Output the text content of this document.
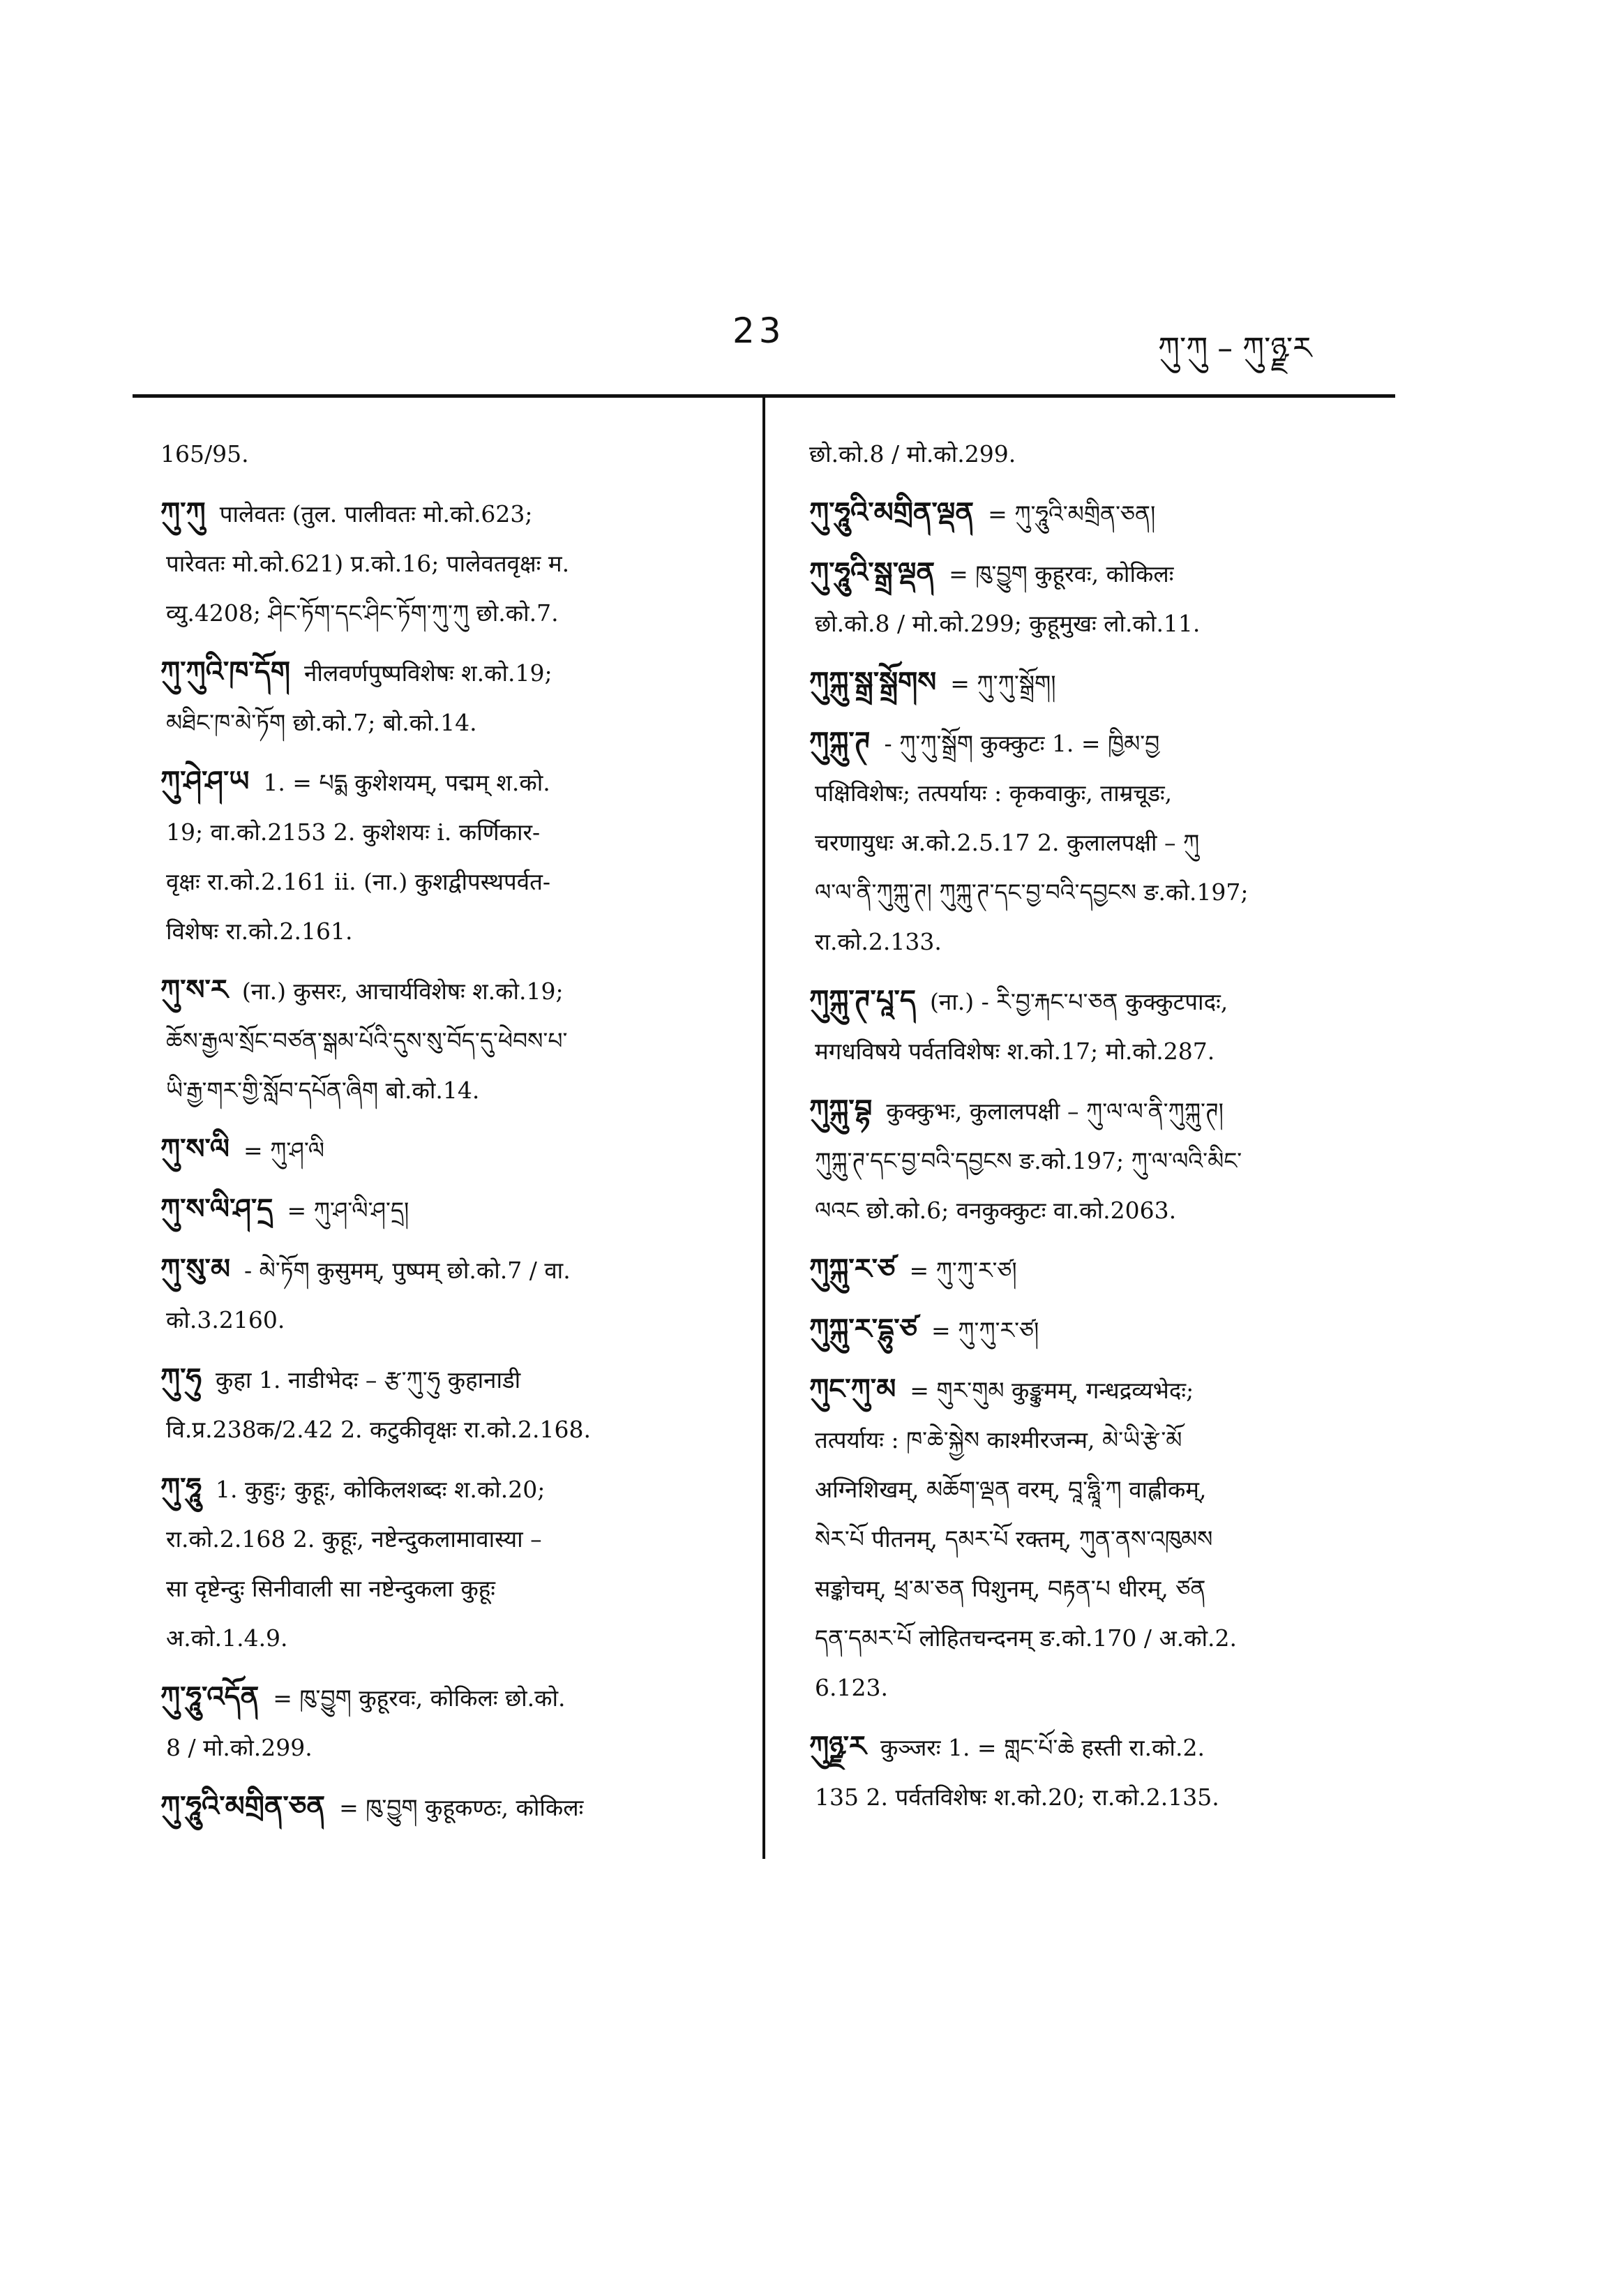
23	ཀུ་ཀུ – ཀུ་ཉྫ་ར

165/95.

ཀུ་ཀུ पालेवतः (तुल. पालीवतः मो.को.623;

पारेवतः मो.को.621) प्र.को.16; पालेवतवृक्षः म.

व्यु.4208; ཤིང་ཏོག་དང་ཤིང་ཏོག་ཀུ་ཀུ छो.को.7.

ཀུ་ཀུའི་ཁ་དོག नीलवर्णपुष्पविशेषः श.को.19;

མཐིང་ཁ་མེ་ཏོག छो.को.7; बो.को.14.

ཀུ་ཤེ་ཤ་ཡ 1. = པདྨ कुशेशयम्, पद्मम् श.को.

19; वा.को.2153 2. कुशेशयः i. कर्णिकार-

वृक्षः रा.को.2.161 ii. (ना.) कुशद्वीपस्थपर्वत-

विशेषः रा.को.2.161.

ཀུ་ས་ར (ना.) कुसरः, आचार्यविशेषः श.को.19;

ཆོས་རྒྱལ་སྲོང་བཙན་སྒམ་པོའི་དུས་སུ་བོད་དུ་ཕེབས་པ་

ཡི་རྒྱ་གར་གྱི་སློབ་དཔོན་ཞིག बो.को.14.

ཀུ་ས་ལི = ཀུ་ཤ་ལི

ཀུ་ས་ལི་ཤ་དྲ = ཀུ་ཤ་ལི་ཤ་དྲ།

ཀུ་སུ་མ - མེ་ཏོག कुसुमम्, पुष्पम् छो.को.7 / वा.

को.3.2160.

ཀུ་ཧུ कुहा 1. नाडीभेदः – རྩ་ཀུ་ཧུ कुहानाडी

वि.प्र.238क/2.42 2. कटुकीवृक्षः रा.को.2.168.

ཀུ་ཧཱུ 1. कुहुः; कुहूः, कोकिलशब्दः श.को.20;

रा.को.2.168 2. कुहूः, नष्टेन्दुकलामावास्या –

सा दृष्टेन्दुः सिनीवाली सा नष्टेन्दुकला कुहूः

अ.को.1.4.9.

ཀུ་ཧཱུ་འདོན = ཁུ་བྱུག कुहूरवः, कोकिलः छो.को.

8 / मो.को.299.

ཀུ་ཧཱུའི་མགྲིན་ཅན = ཁུ་བྱུག कुहूकण्ठः, कोकिलः

छो.को.8 / मो.को.299.

ཀུ་ཧཱུའི་མགྲིན་ལྡན = ཀུ་ཧཱུའི་མགྲིན་ཅན།

ཀུ་ཧཱུའི་སྒྲ་ལྡན = ཁུ་བྱུག कुहूरवः, कोकिलः

छो.को.8 / मो.को.299; कुहूमुखः लो.को.11.

ཀུཀྐུ་སྒྲ་སྒྲོགས = ཀུ་ཀུ་སྒྲོག།

ཀུཀྐུ་ཊ - ཀུ་ཀུ་སྒྲོག कुक्कुटः 1. = ཁྱིམ་བྱ

पक्षिविशेषः; तत्पर्यायः : कृकवाकुः, ताम्रचूडः,

चरणायुधः अ.को.2.5.17 2. कुलालपक्षी – ཀུ

ལ་ལ་ནི་ཀུཀྐུ་ཊ། ཀུཀྐུ་ཊ་དང་བྱ་བའི་དབྱངས ङ.को.197;

रा.को.2.133.

ཀུཀྐུ་ཊ་པཱ་ད (ना.) - རི་བྱ་རྐང་པ་ཅན कुक्कुटपादः,

मगधविषये पर्वतविशेषः श.को.17; मो.को.287.

ཀུཀྐུ་བྷ कुक्कुभः, कुलालपक्षी – ཀུ་ལ་ལ་ནི་ཀུཀྐུ་ཊ།

ཀུཀྐུ་ཊ་དང་བྱ་བའི་དབྱངས ङ.को.197; ཀུ་ལ་ལའི་མིང་

ལའང छो.को.6; वनकुक्कुटः वा.को.2063.

ཀུཀྐུ་ར་ཙ = ཀུ་ཀུ་ར་ཙ།

ཀུཀྐུ་ར་དྷུ་ཙ = ཀུ་ཀུ་ར་ཙ།

ཀུང་ཀུ་མ = གུར་གུམ कुङ्कुमम्, गन्धद्रव्यभेदः;

तत्पर्यायः : ཁ་ཆེ་སྐྱེས काश्मीरजन्म, མེ་ཡི་རྩེ་མོ

अग्निशिखम्, མཆོག་ལྡན वरम्, བཱ་ཧླཱི་ཀ वाह्लीकम्,

སེར་པོ पीतनम्, དམར་པོ रक्तम्, ཀུན་ནས་འཁུམས

सङ्कोचम्, ཕྲ་མ་ཅན पिशुनम्, བརྟན་པ धीरम्, ཙན

དན་དམར་པོ लोहितचन्दनम् ङ.को.170 / अ.को.2.

6.123.

ཀུཉྫ་ར कुञ्जरः 1. = གླང་པོ་ཆེ हस्ती रा.को.2.

135 2. पर्वतविशेषः श.को.20; रा.को.2.135.
